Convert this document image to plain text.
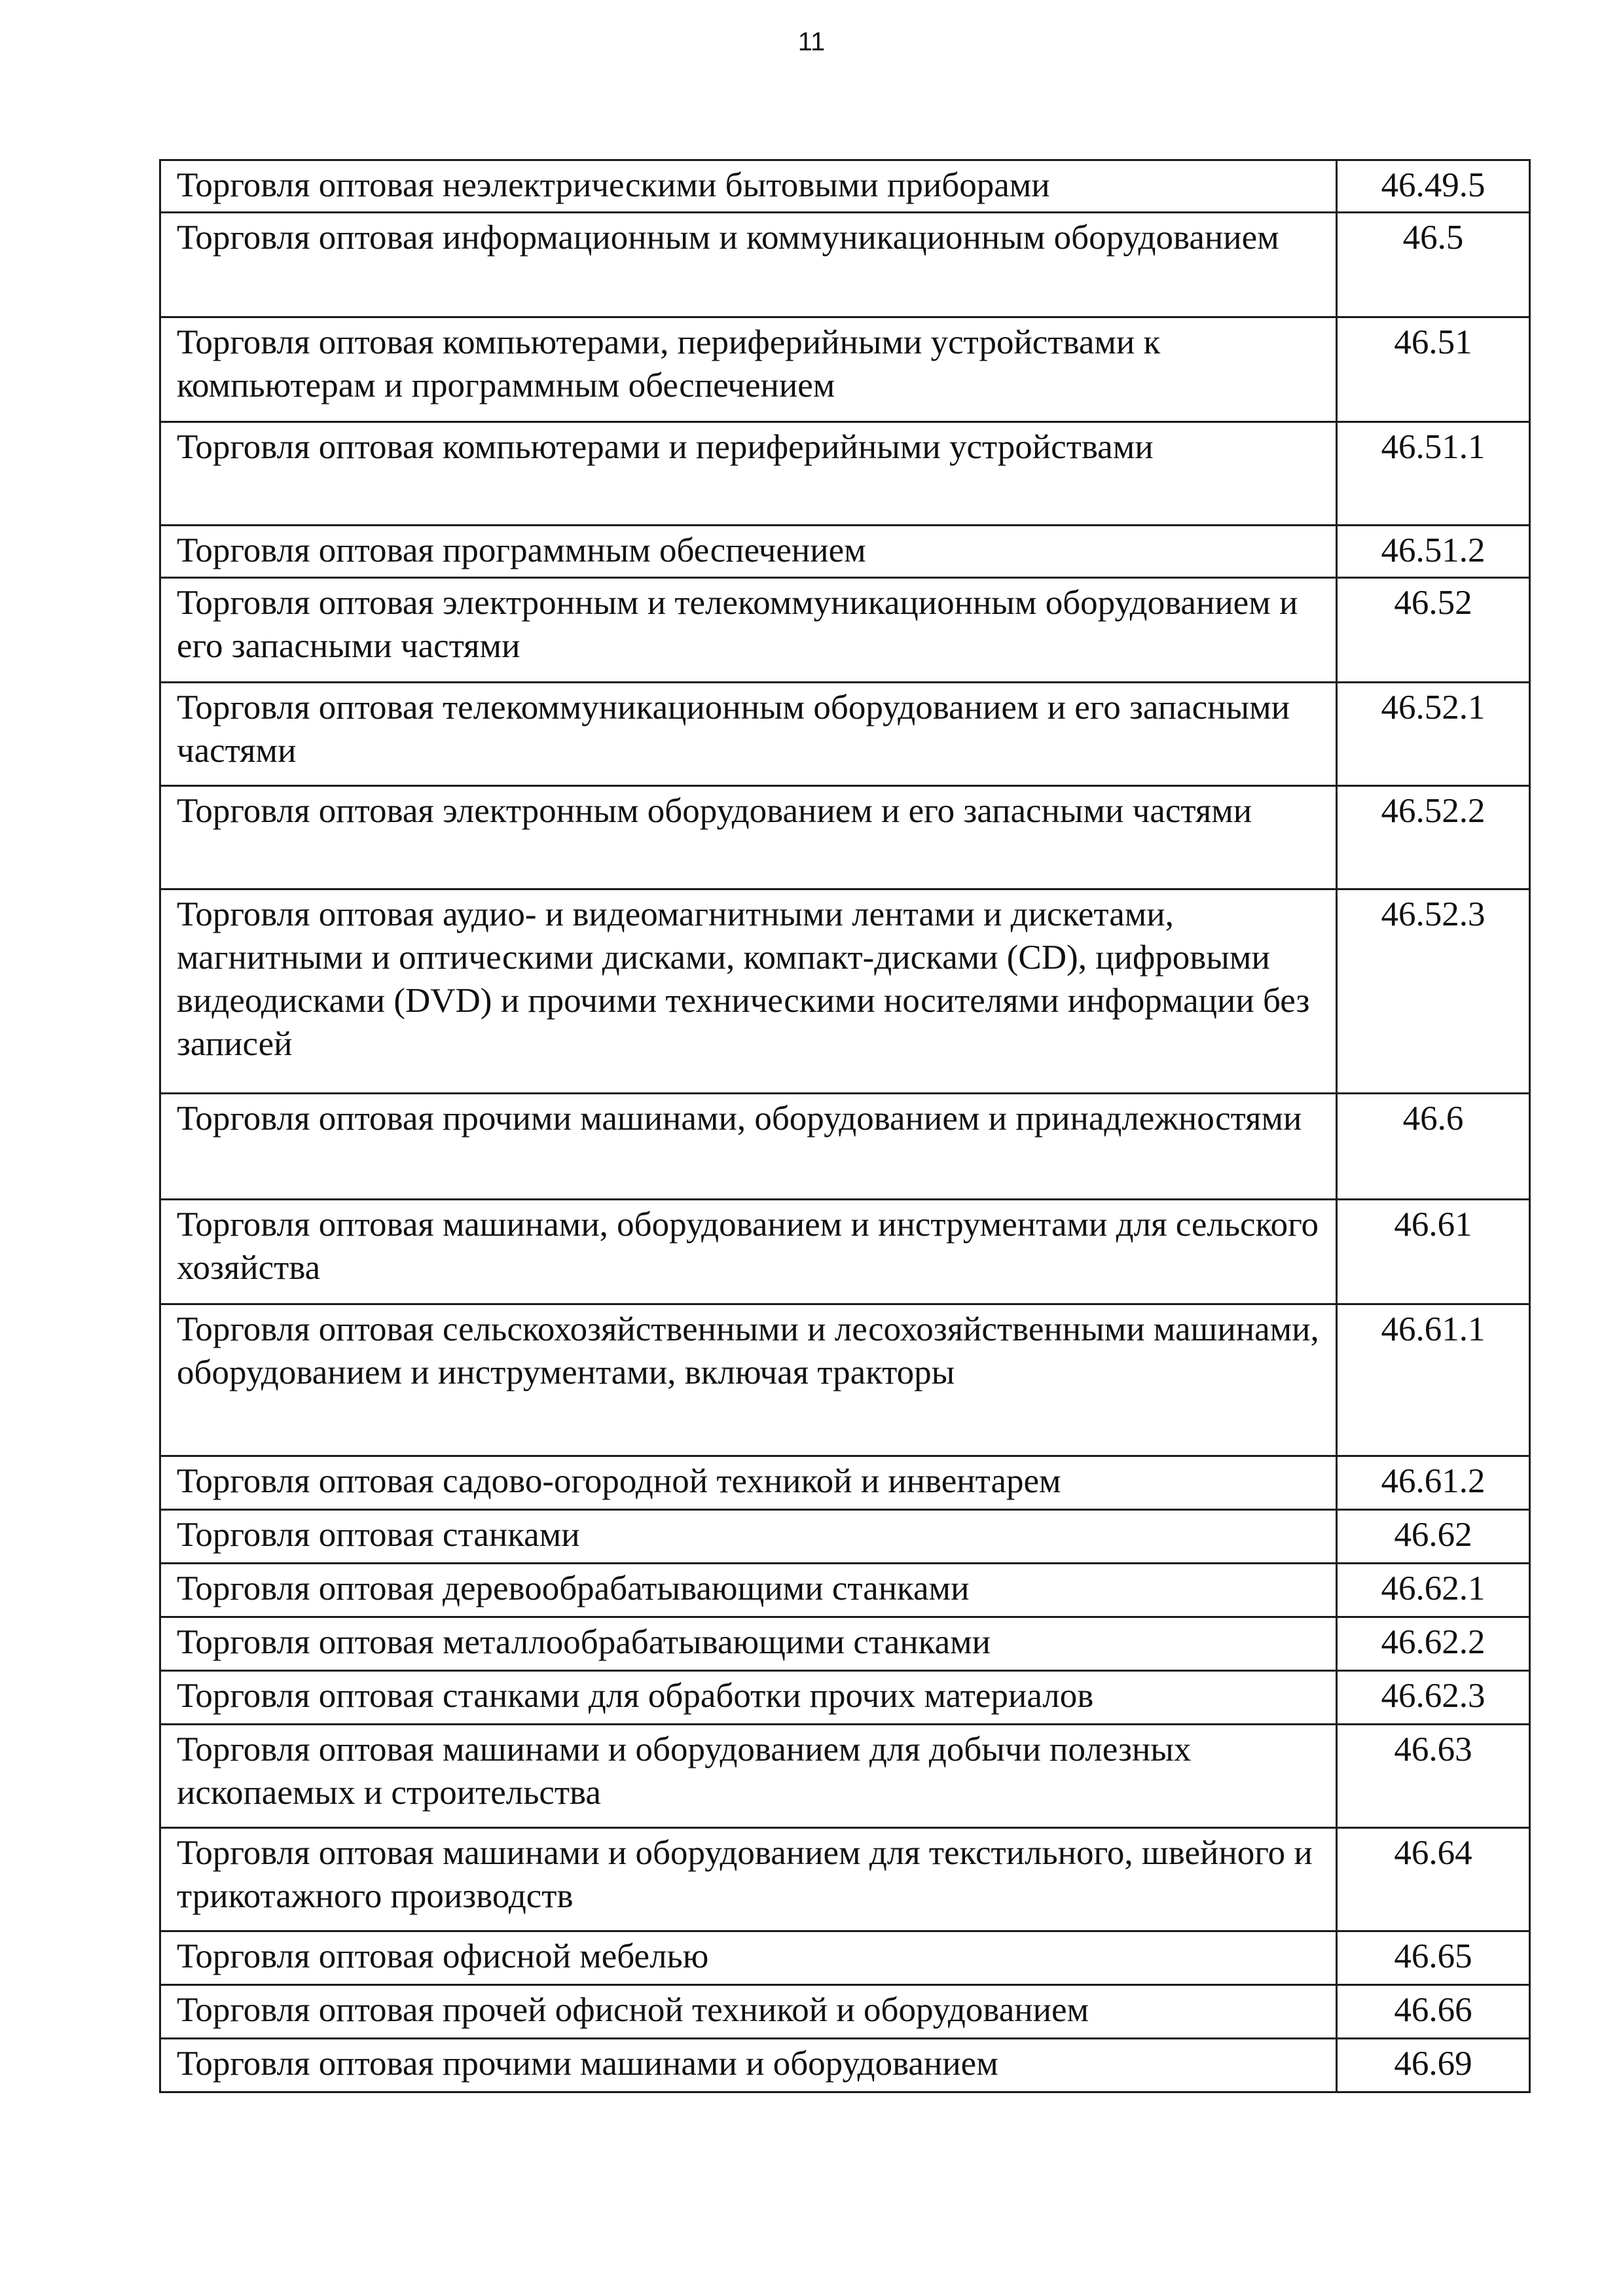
11
Торговля оптовая неэлектрическими бытовыми приборами	46.49.5
Торговля оптовая информационным и коммуникационным оборудованием	46.5
Торговля оптовая компьютерами, периферийными устройствами к компьютерам и программным обеспечением	46.51
Торговля оптовая компьютерами и периферийными устройствами	46.51.1
Торговля оптовая программным обеспечением	46.51.2
Торговля оптовая электронным и телекоммуникационным оборудованием и его запасными частями	46.52
Торговля оптовая телекоммуникационным оборудованием и его запасными частями	46.52.1
Торговля оптовая электронным оборудованием и его запасными частями	46.52.2
Торговля оптовая аудио- и видеомагнитными лентами и дискетами, магнитными и оптическими дисками, компакт-дисками (CD), цифровыми видеодисками (DVD) и прочими техническими носителями информации без записей	46.52.3
Торговля оптовая прочими машинами, оборудованием и принадлежностями	46.6
Торговля оптовая машинами, оборудованием и инструментами для сельского хозяйства	46.61
Торговля оптовая сельскохозяйственными и лесохозяйственными машинами, оборудованием и инструментами, включая тракторы	46.61.1
Торговля оптовая садово-огородной техникой и инвентарем	46.61.2
Торговля оптовая станками	46.62
Торговля оптовая деревообрабатывающими станками	46.62.1
Торговля оптовая металлообрабатывающими станками	46.62.2
Торговля оптовая станками для обработки прочих материалов	46.62.3
Торговля оптовая машинами и оборудованием для добычи полезных ископаемых и строительства	46.63
Торговля оптовая машинами и оборудованием для текстильного, швейного и трикотажного производств	46.64
Торговля оптовая офисной мебелью	46.65
Торговля оптовая прочей офисной техникой и оборудованием	46.66
Торговля оптовая прочими машинами и оборудованием	46.69
